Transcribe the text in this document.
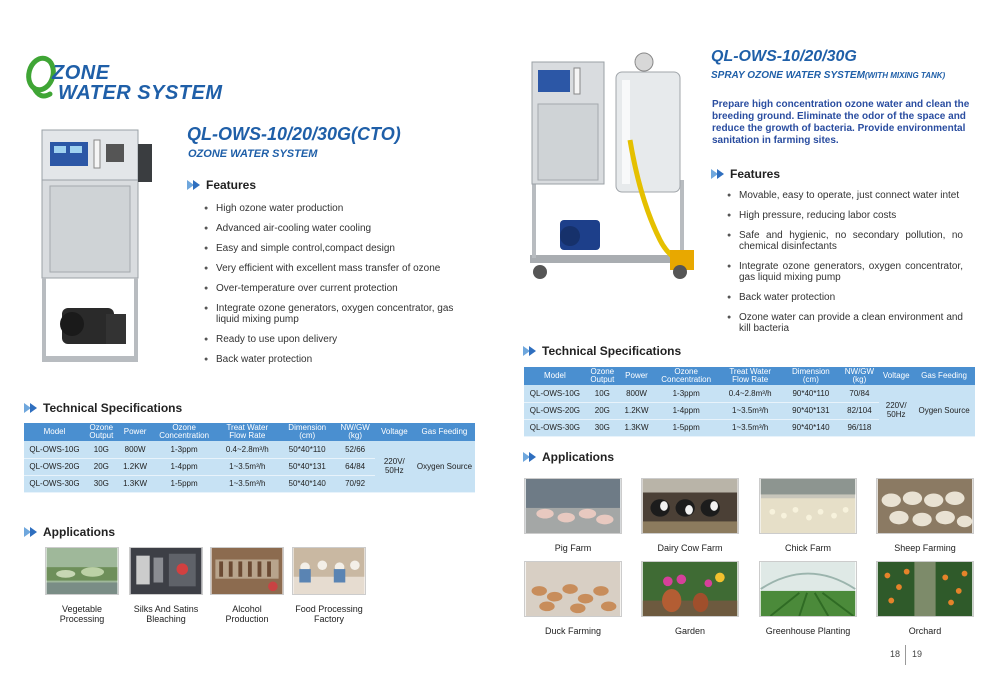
ZONE
WATER SYSTEM
QL-OWS-10/20/30G(CTO)
OZONE WATER SYSTEM
Features
● High ozone water production
● Advanced air-cooling water cooling
● Easy and simple control,compact design
● Very efficient with excellent mass transfer of ozone
● Over-temperature over current protection
● Integrate ozone generators, oxygen concentrator, gas liquid mixing pump
● Ready to use upon delivery
● Back water protection
Technical Specifications
Model	Ozone Output	Power	Ozone Concentration	Treat Water Flow Rate	Dimension (cm)	NW/GW (kg)	Voltage	Gas Feeding
QL-OWS-10G	10G	800W	1-3ppm	0.4~2.8m³/h	50*40*110	52/66	220V/ 50Hz	Oxygen Source
QL-OWS-20G	20G	1.2KW	1-4ppm	1~3.5m³/h	50*40*131	64/84		
QL-OWS-30G	30G	1.3KW	1-5ppm	1~3.5m³/h	50*40*140	70/92		
Applications
Vegetable Processing
Silks And Satins Bleaching
Alcohol Production
Food Processing Factory
QL-OWS-10/20/30G
SPRAY OZONE WATER SYSTEM(WITH MIXING TANK)
Prepare high concentration ozone water and clean the breeding ground. Eliminate the odor of the space and reduce the growth of bacteria. Provide environmental sanitation in farming sites.
Features
● Movable, easy to operate, just connect water intet
● High pressure, reducing labor costs
● Safe and hygienic, no secondary pollution, no chemical disinfectants
● Integrate ozone generators, oxygen concentrator, gas liquid mixing pump
● Back water protection
● Ozone water can provide a clean environment and kill bacteria
Technical Specifications
Model	Ozone Output	Power	Ozone Concentration	Treat Water Flow Rate	Dimension (cm)	NW/GW (kg)	Voltage	Gas Feeding
QL-OWS-10G	10G	800W	1-3ppm	0.4~2.8m³/h	90*40*110	70/84	220V/ 50Hz	Oygen Source
QL-OWS-20G	20G	1.2KW	1-4ppm	1~3.5m³/h	90*40*131	82/104		
QL-OWS-30G	30G	1.3KW	1-5ppm	1~3.5m³/h	90*40*140	96/118		
Applications
Pig Farm	Dairy Cow Farm	Chick Farm	Sheep Farming
Duck Farming	Garden	Greenhouse Planting	Orchard
18 19
